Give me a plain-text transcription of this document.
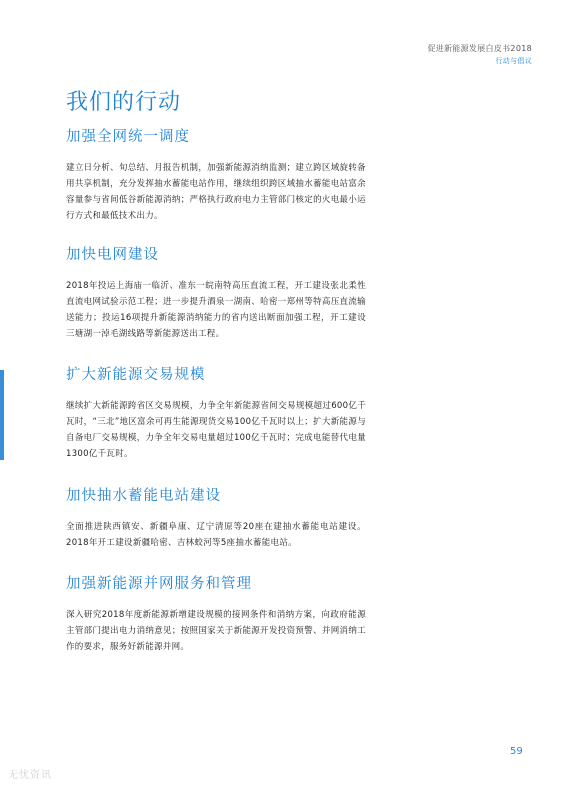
促进新能源发展白皮书2018
行动与倡议
我们的行动
加强全网统一调度

建立日分析、旬总结、月报告机制，加强新能源消纳监测；建立跨区域旋转备用共享机制，充分发挥抽水蓄能电站作用，继续组织跨区域抽水蓄能电站富余容量参与省间低谷新能源消纳；严格执行政府电力主管部门核定的火电最小运行方式和最低技术出力。

加快电网建设

2018年投运上海庙一临沂、准东一皖南特高压直流工程，开工建设张北柔性直流电网试验示范工程；进一步提升酒泉一湖南、哈密一郑州等特高压直流输送能力；投运16项提升新能源消纳能力的省内送出断面加强工程，开工建设三塘湖一淖毛湖线路等新能源送出工程。

扩大新能源交易规模

继续扩大新能源跨省区交易规模，力争全年新能源省间交易规模超过600亿千瓦时，“三北”地区富余可再生能源现货交易100亿千瓦时以上；扩大新能源与自备电厂交易规模，力争全年交易电量超过100亿千瓦时；完成电能替代电量1300亿千瓦时。

加快抽水蓄能电站建设

全面推进陕西镇安、新疆阜康、辽宁清原等20座在建抽水蓄能电站建设。2018年开工建设新疆哈密、吉林蛟河等5座抽水蓄能电站。

加强新能源并网服务和管理

深入研究2018年度新能源新增建设规模的接网条件和消纳方案，向政府能源主管部门提出电力消纳意见；按照国家关于新能源开发投资预警、并网消纳工作的要求，服务好新能源并网。

59
无忧资讯
